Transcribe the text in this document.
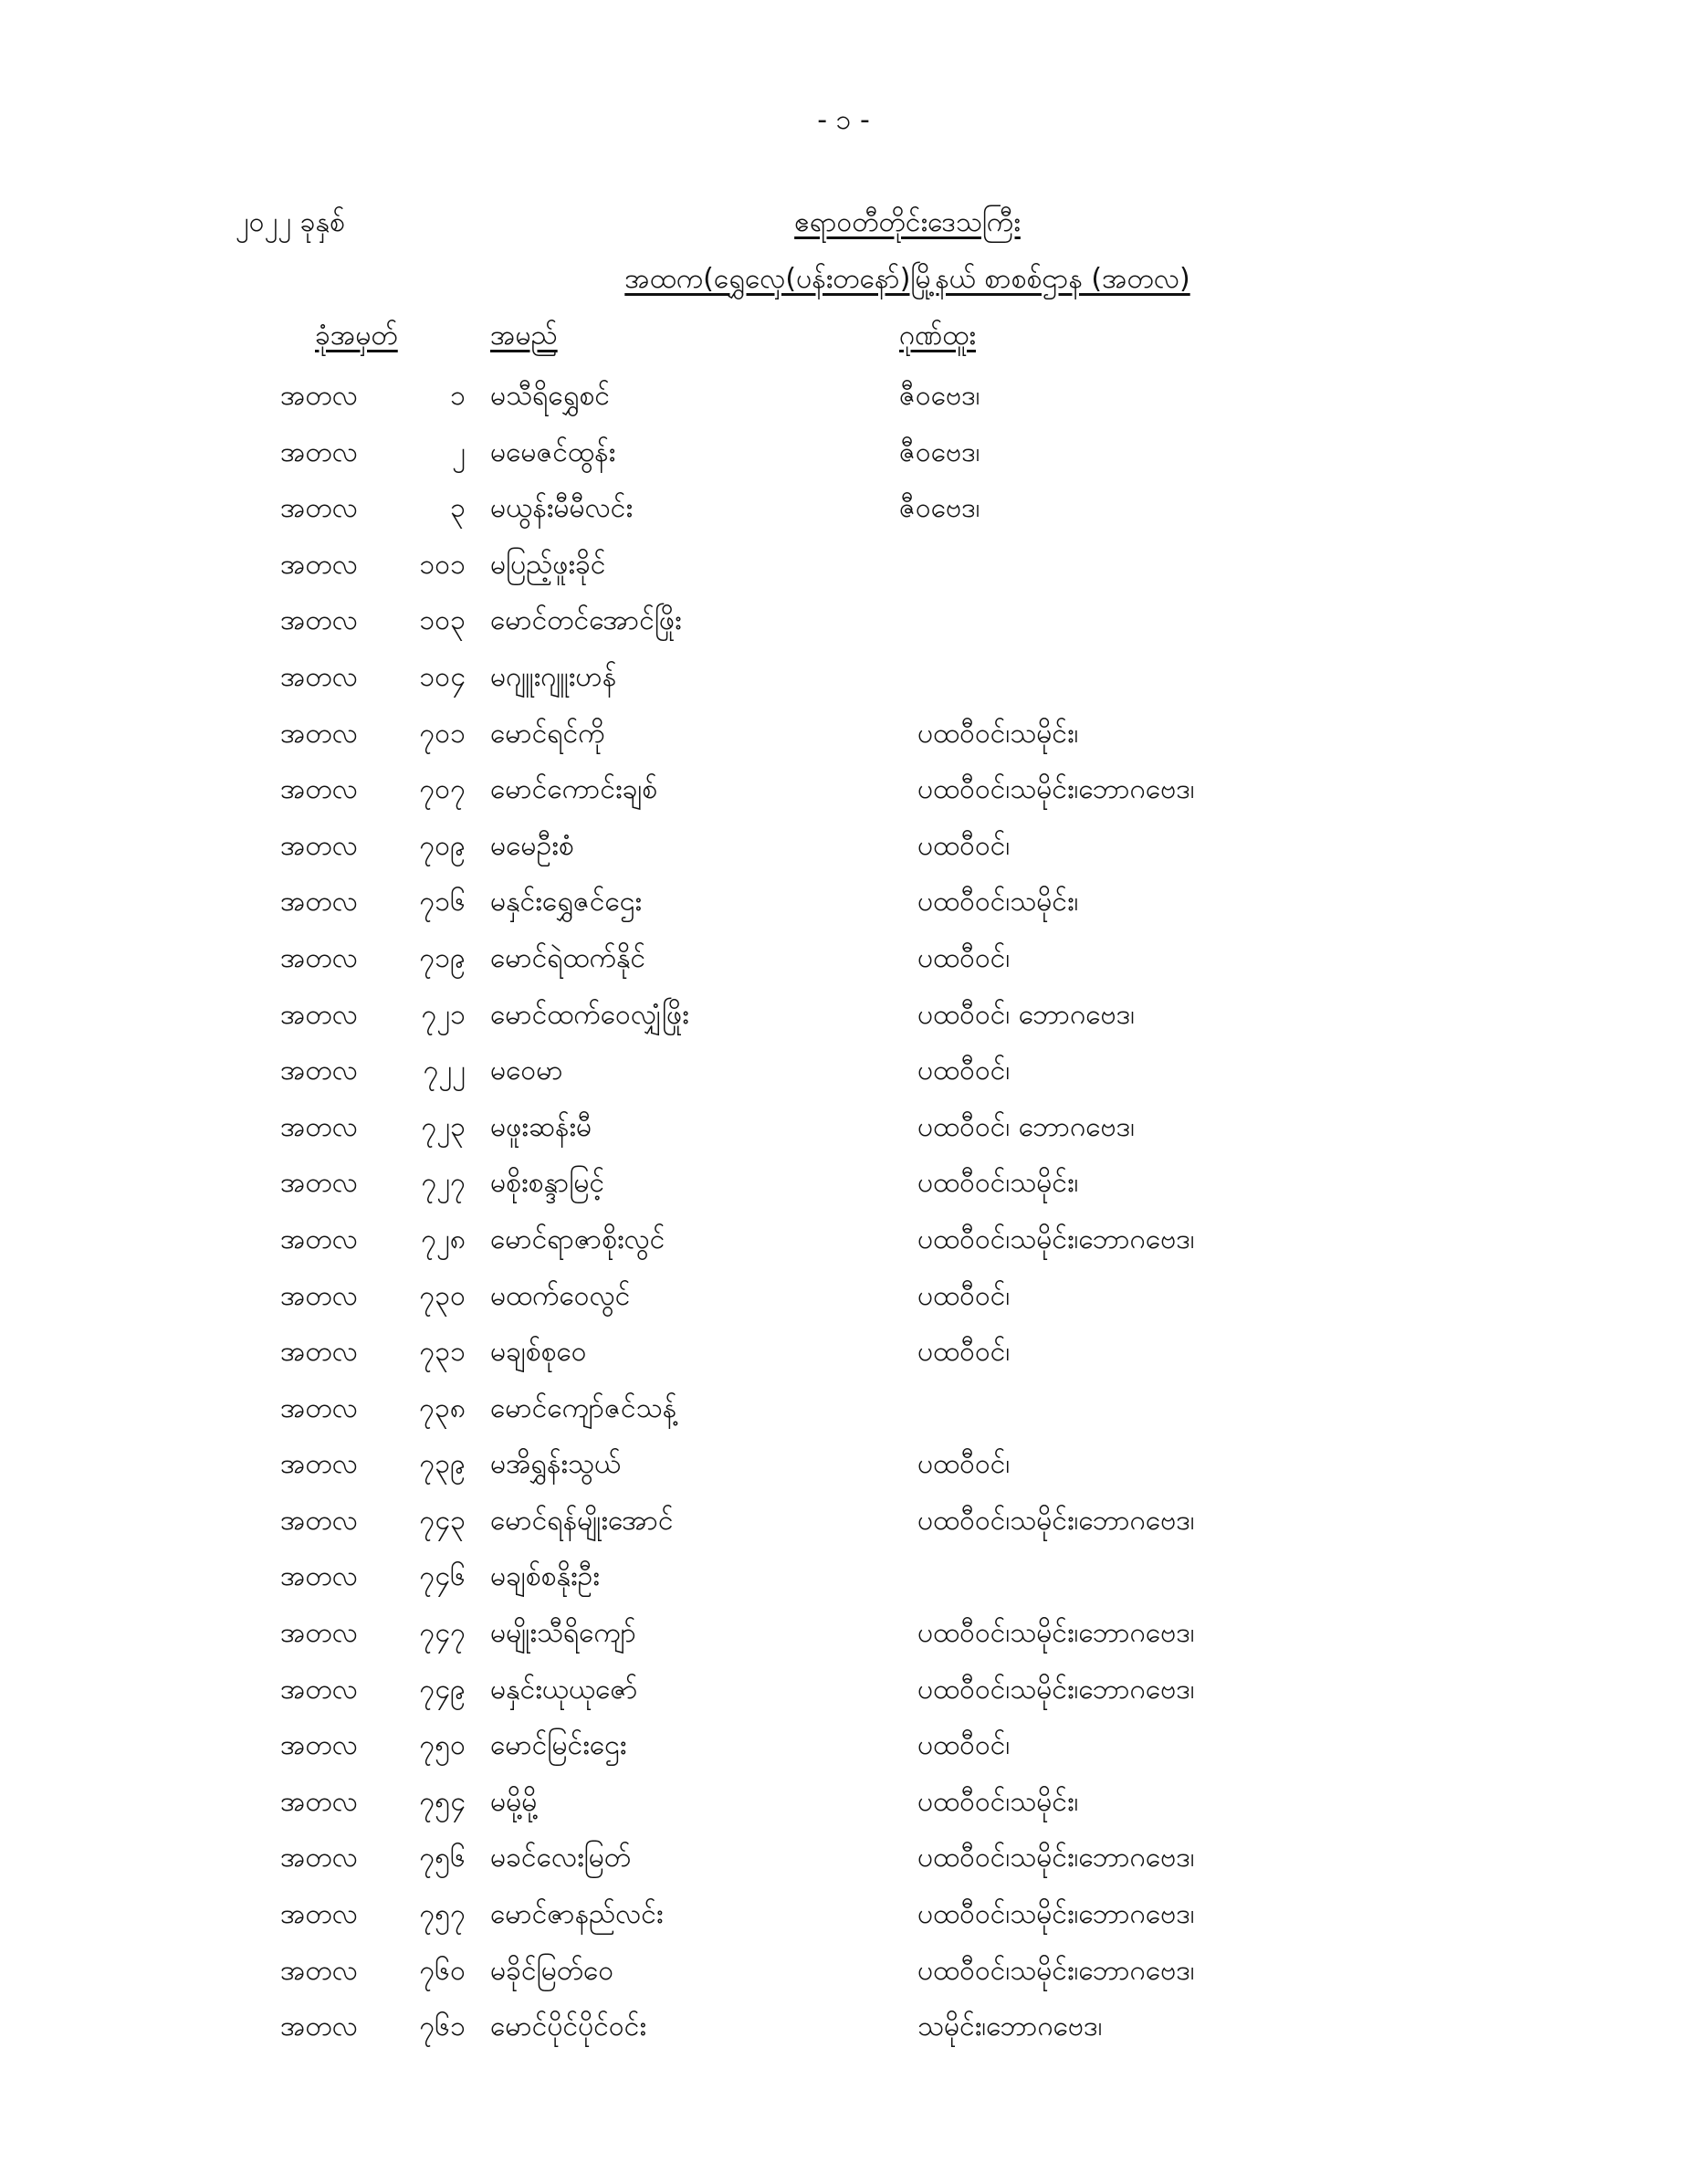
- ၁ -
၂၀၂၂ ခုနှစ်	ဧရာဝတီတိုင်းဒေသကြီး
အထက(ရွှေလှေ(ပန်းတနော်)မြို့နယ် စာစစ်ဌာန (အတလ)
ခုံအမှတ်	အမည်	ဂုဏ်ထူး
အတလ	၁ မသီရိရွှေစင်	ဇီဝဗေဒ၊
အတလ	၂ မမေဇင်ထွန်း	ဇီဝဗေဒ၊
အတလ	၃ မယွန်းမီမီလင်း	ဇီဝဗေဒ၊
အတလ ၁၀၁ မပြည့်ဖူးခိုင်
အတလ ၁၀၃ မောင်တင်အောင်ဖြိုး
အတလ ၁၀၄ မဂျူးဂျူးဟန်
အတလ ၇၀၁ မောင်ရင်ကို	ပထဝီဝင်၊သမိုင်း၊
အတလ ၇၀၇ မောင်ကောင်းချစ်	ပထဝီဝင်၊သမိုင်း၊ဘောဂဗေဒ၊
အတလ ၇၀၉ မမေဦးစံ	ပထဝီဝင်၊
အတလ ၇၁၆ မနှင်းရွှေဇင်ဌေး	ပထဝီဝင်၊သမိုင်း၊
အတလ ၇၁၉ မောင်ရဲထက်နိုင်	ပထဝီဝင်၊
အတလ ၇၂၁ မောင်ထက်ဝေလျှံဖြိုး	ပထဝီဝင်၊ ဘောဂဗေဒ၊
အတလ ၇၂၂ မဝေမာ	ပထဝီဝင်၊
အတလ ၇၂၃ မဖူးဆန်းမီ	ပထဝီဝင်၊ ဘောဂဗေဒ၊
အတလ ၇၂၇ မစိုးစန္ဒာမြင့်	ပထဝီဝင်၊သမိုင်း၊
အတလ ၇၂၈ မောင်ရာဇာစိုးလွင်	ပထဝီဝင်၊သမိုင်း၊ဘောဂဗေဒ၊
အတလ ၇၃၀ မထက်ဝေလွင်	ပထဝီဝင်၊
အတလ ၇၃၁ မချစ်စုဝေ	ပထဝီဝင်၊
အတလ ၇၃၈ မောင်ကျော်ဇင်သန့်
အတလ ၇၃၉ မအိရွှန်းသွယ်	ပထဝီဝင်၊
အတလ ၇၄၃ မောင်ရန်မျိုးအောင်	ပထဝီဝင်၊သမိုင်း၊ဘောဂဗေဒ၊
အတလ ၇၄၆ မချစ်စနိုးဦး
အတလ ၇၄၇ မမျိုးသီရိကျော်	ပထဝီဝင်၊သမိုင်း၊ဘောဂဗေဒ၊
အတလ ၇၄၉ မနှင်းယုယုဇော်	ပထဝီဝင်၊သမိုင်း၊ဘောဂဗေဒ၊
အတလ ၇၅၀ မောင်မြင်းဌေး	ပထဝီဝင်၊
အတလ ၇၅၄ မမို့မို့	ပထဝီဝင်၊သမိုင်း၊
အတလ ၇၅၆ မခင်လေးမြတ်	ပထဝီဝင်၊သမိုင်း၊ဘောဂဗေဒ၊
အတလ ၇၅၇ မောင်ဇာနည်လင်း	ပထဝီဝင်၊သမိုင်း၊ဘောဂဗေဒ၊
အတလ ၇၆၀ မခိုင်မြတ်ဝေ	ပထဝီဝင်၊သမိုင်း၊ဘောဂဗေဒ၊
အတလ ၇၆၁ မောင်ပိုင်ပိုင်ဝင်း	သမိုင်း၊ဘောဂဗေဒ၊
